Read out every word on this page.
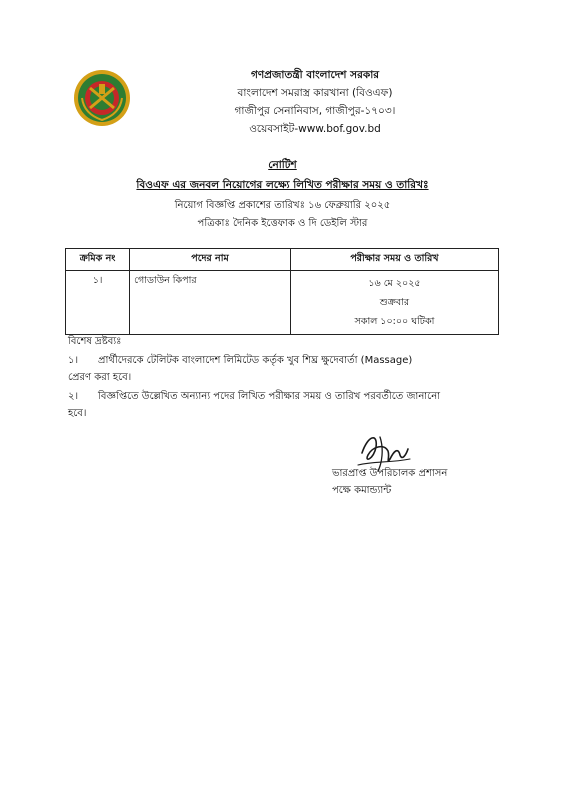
গণপ্রজাতন্ত্রী বাংলাদেশ সরকার
বাংলাদেশ সমরাস্ত্র কারখানা (বিওএফ)
গাজীপুর সেনানিবাস, গাজীপুর-১৭০৩।
ওয়েবসাইট-www.bof.gov.bd
নোটিশ
বিওএফ এর জনবল নিয়োগের লক্ষ্যে লিখিত পরীক্ষার সময় ও তারিখঃ
নিয়োগ বিজ্ঞপ্তি প্রকাশের তারিখঃ ১৬ ফেব্রুয়ারি ২০২৫
পত্রিকাঃ দৈনিক ইত্তেফাক ও দি ডেইলি স্টার
ক্রমিক নং	পদের নাম	পরীক্ষার সময় ও তারিখ
১।	গোডাউন কিপার	১৬ মে ২০২৫
শুক্রবার
সকাল ১০:০০ ঘটিকা
বিশেষ দ্রষ্টব্যঃ
১।	প্রার্থীদেরকে টেলিটক বাংলাদেশ লিমিটেড কর্তৃক খুব শিঘ্র ক্ষুদেবার্তা (Massage)
প্রেরণ করা হবে।
২।	বিজ্ঞপ্তিতে উল্লেখিত অন্যান্য পদের লিখিত পরীক্ষার সময় ও তারিখ পরবর্তীতে জানানো
হবে।
ভারপ্রাপ্ত উপরিচালক প্রশাসন
পক্ষে কমান্ড্যান্ট
